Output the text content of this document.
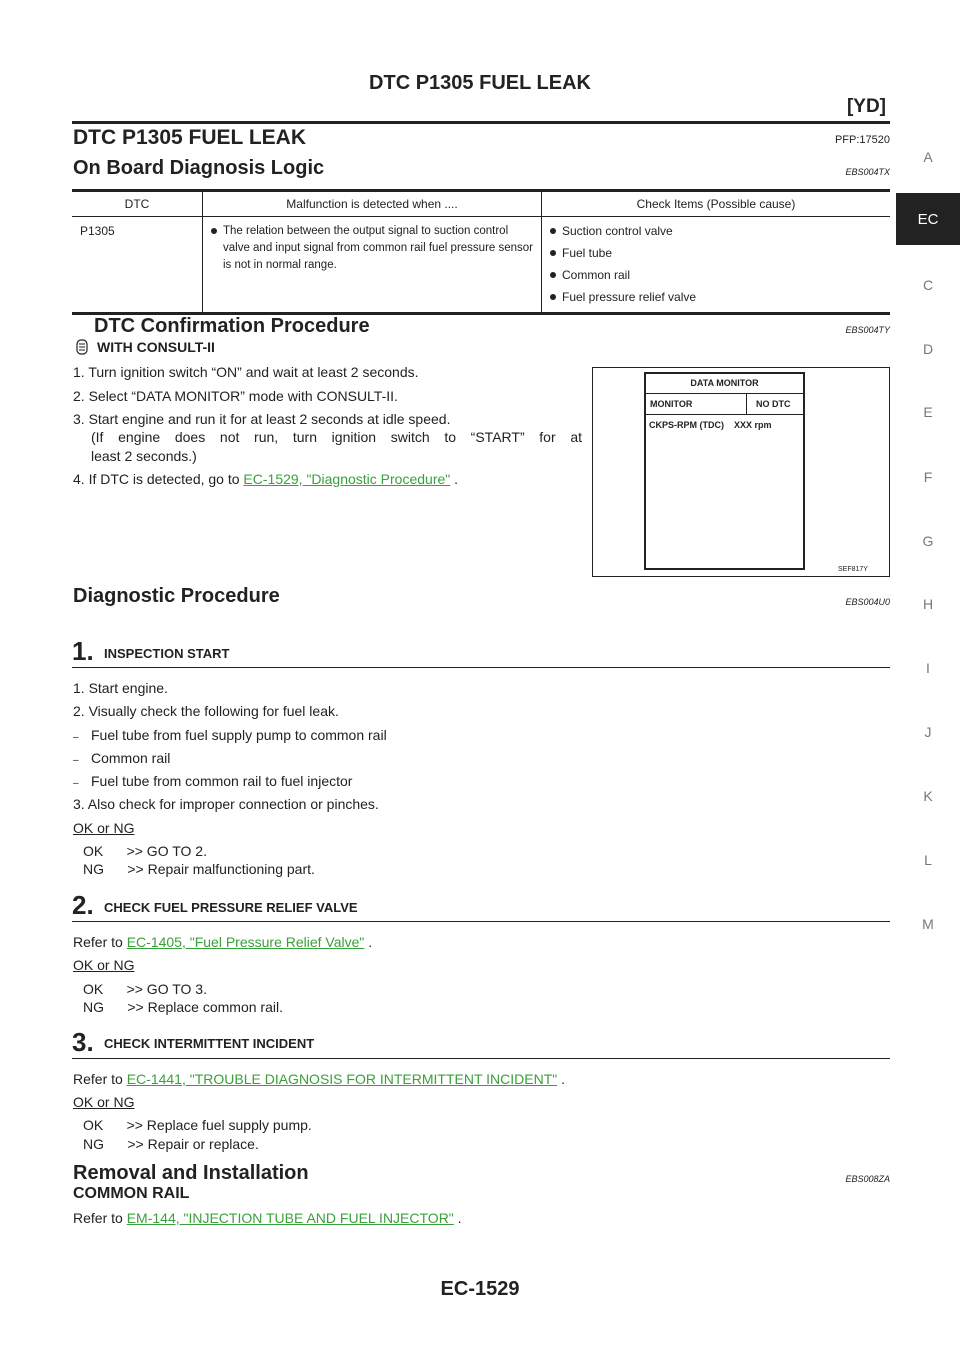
DTC P1305 FUEL LEAK
[YD]
DTC P1305 FUEL LEAK	PFP:17520
A
EC
C
D
E
F
G
H
I
J
K
L
M
On Board Diagnosis Logic	EBS004TX
DTC	Malfunction is detected when ....	Check Items (Possible cause)
P1305	The relation between the output signal to suction control valve and input signal from common rail fuel pressure sensor is not in normal range.	Suction control valve
Fuel tube
Common rail
Fuel pressure relief valve
DTC Confirmation Procedure	EBS004TY
WITH CONSULT-II
1. Turn ignition switch “ON” and wait at least 2 seconds.
2. Select “DATA MONITOR” mode with CONSULT-II.
3. Start engine and run it for at least 2 seconds at idle speed.
(If engine does not run, turn ignition switch to “START” for at
least 2 seconds.)
4. If DTC is detected, go to EC-1529, "Diagnostic Procedure" .
DATA MONITOR
MONITOR	NO DTC
CKPS-RPM (TDC)    XXX rpm
SEF817Y
Diagnostic Procedure	EBS004U0
1. INSPECTION START
1. Start engine.
2. Visually check the following for fuel leak.
– Fuel tube from fuel supply pump to common rail
– Common rail
– Fuel tube from common rail to fuel injector
3. Also check for improper connection or pinches.
OK or NG
OK      >> GO TO 2.
NG      >> Repair malfunctioning part.
2. CHECK FUEL PRESSURE RELIEF VALVE
Refer to EC-1405, "Fuel Pressure Relief Valve" .
OK or NG
OK      >> GO TO 3.
NG      >> Replace common rail.
3. CHECK INTERMITTENT INCIDENT
Refer to EC-1441, "TROUBLE DIAGNOSIS FOR INTERMITTENT INCIDENT" .
OK or NG
OK      >> Replace fuel supply pump.
NG      >> Repair or replace.
Removal and Installation	EBS008ZA
COMMON RAIL
Refer to EM-144, "INJECTION TUBE AND FUEL INJECTOR" .
EC-1529
